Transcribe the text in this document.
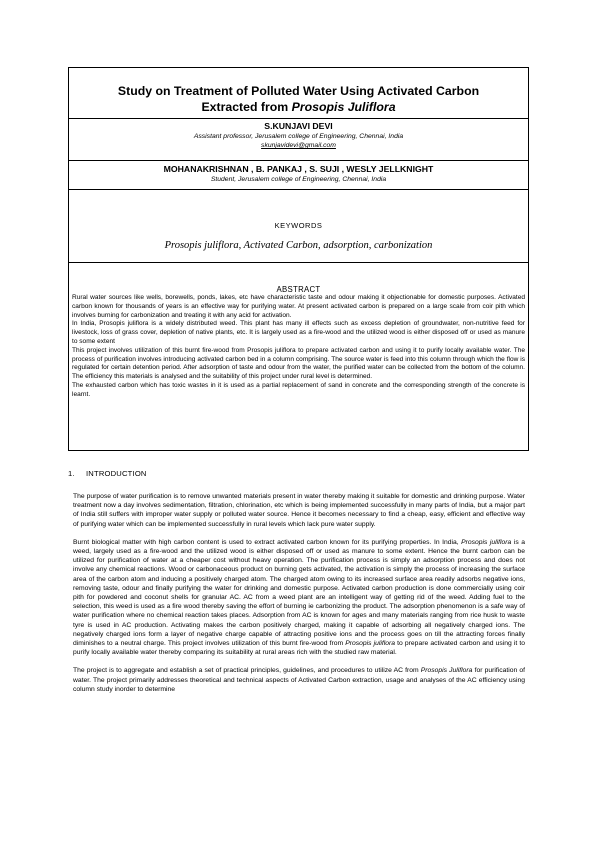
Study on Treatment of Polluted Water Using Activated Carbon
Extracted from Prosopis Juliflora
S.KUNJAVI DEVI
Assistant professor, Jerusalem college of Engineering, Chennai, India
skunjavidevi@gmail.com
MOHANAKRISHNAN , B. PANKAJ , S. SUJI , WESLY JELLKNIGHT
Student, Jerusalem college of Engineering, Chennai, India
KEYWORDS
Prosopis juliflora, Activated Carbon, adsorption, carbonization
ABSTRACT

Rural water sources like wells, borewells, ponds, lakes, etc have characteristic taste and odour making it objectionable for domestic purposes. Activated carbon known for thousands of years is an effective way for purifying water. At present activated carbon is prepared on a large scale from coir pith which involves burning for carbonization and treating it with any acid for activation.

In India, Prosopis juliflora is a widely distributed weed. This plant has many ill effects such as excess depletion of groundwater, non-nutritive feed for livestock, loss of grass cover, depletion of native plants, etc. It is largely used as a fire-wood and the utilized wood is either disposed off or used as manure to some extent

This project involves utilization of this burnt fire-wood from Prosopis juliflora to prepare activated carbon and using it to purify locally available water. The process of purification involves introducing activated carbon bed in a column comprising. The source water is feed into this column through which the flow is regulated for certain detention period. After adsorption of taste and odour from the water, the purified water can be collected from the bottom of the column. The efficiency this materials is analysed and the suitability of this project under rural level is determined.

The exhausted carbon which has toxic wastes in it is used as a partial replacement of sand in concrete and the corresponding strength of the concrete is learnt.

1. INTRODUCTION

The purpose of water purification is to remove unwanted materials present in water thereby making it suitable for domestic and drinking purpose. Water treatment now a day involves sedimentation, filtration, chlorination, etc which is being implemented successfully in many parts of India, but a major part of India still suffers with improper water supply or polluted water source. Hence it becomes necessary to find a cheap, easy, efficient and effective way of purifying water which can be implemented successfully in rural levels which lack pure water supply.

Burnt biological matter with high carbon content is used to extract activated carbon known for its purifying properties. In India, Prosopis juliflora is a weed, largely used as a fire-wood and the utilized wood is either disposed off or used as manure to some extent. Hence the burnt carbon can be utilized for purification of water at a cheaper cost without heavy operation. The purification process is simply an adsorption process and does not involve any chemical reactions. Wood or carbonaceous product on burning gets activated, the activation is simply the process of increasing the surface area of the carbon atom and inducing a positively charged atom. The charged atom owing to its increased surface area readily adsorbs negative ions, removing taste, odour and finally purifying the water for drinking and domestic purpose. Activated carbon production is done commercially using coir pith for powdered and coconut shells for granular AC. AC from a weed plant are an intelligent way of getting rid of the weed. Adding fuel to the selection, this weed is used as a fire wood thereby saving the effort of burning ie carbonizing the product. The adsorption phenomenon is a safe way of water purification where no chemical reaction takes places. Adsorption from AC is known for ages and many materials ranging from rice husk to waste tyre is used in AC production. Activating makes the carbon positively charged, making it capable of adsorbing all negatively charged ions. The negatively charged ions form a layer of negative charge capable of attracting positive ions and the process goes on till the attracting forces finally diminishes to a neutral charge. This project involves utilization of this burnt fire-wood from Prosopis juliflora to prepare activated carbon and using it to purify locally available water thereby comparing its suitability at rural areas rich with the studied raw material.

The project is to aggregate and establish a set of practical principles, guidelines, and procedures to utilize AC from Prosopis Juliflora for purification of water. The project primarily addresses theoretical and technical aspects of Activated Carbon extraction, usage and analyses of the AC efficiency using column study inorder to determine
